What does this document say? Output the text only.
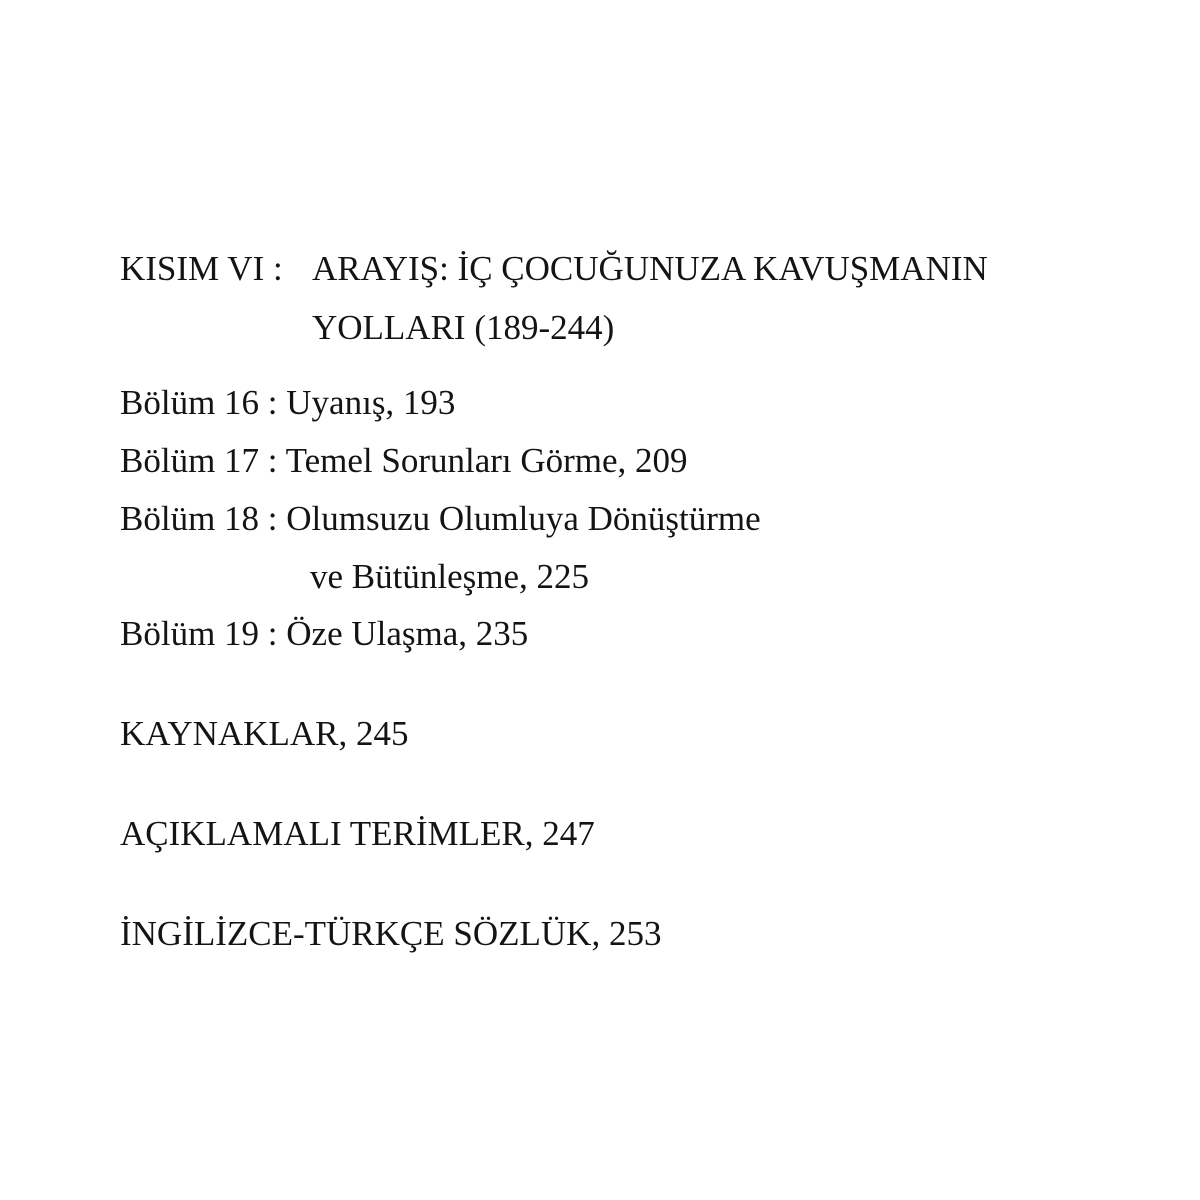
KISIM VI : ARAYIŞ: İÇ ÇOCUĞUNUZA KAVUŞMANIN
YOLLARI (189-244)
Bölüm 16 : Uyanış, 193
Bölüm 17 : Temel Sorunları Görme, 209
Bölüm 18 : Olumsuzu Olumluya Dönüştürme
ve Bütünleşme, 225
Bölüm 19 : Öze Ulaşma, 235
KAYNAKLAR, 245
AÇIKLAMALI TERİMLER, 247
İNGİLİZCE-TÜRKÇE SÖZLÜK, 253
